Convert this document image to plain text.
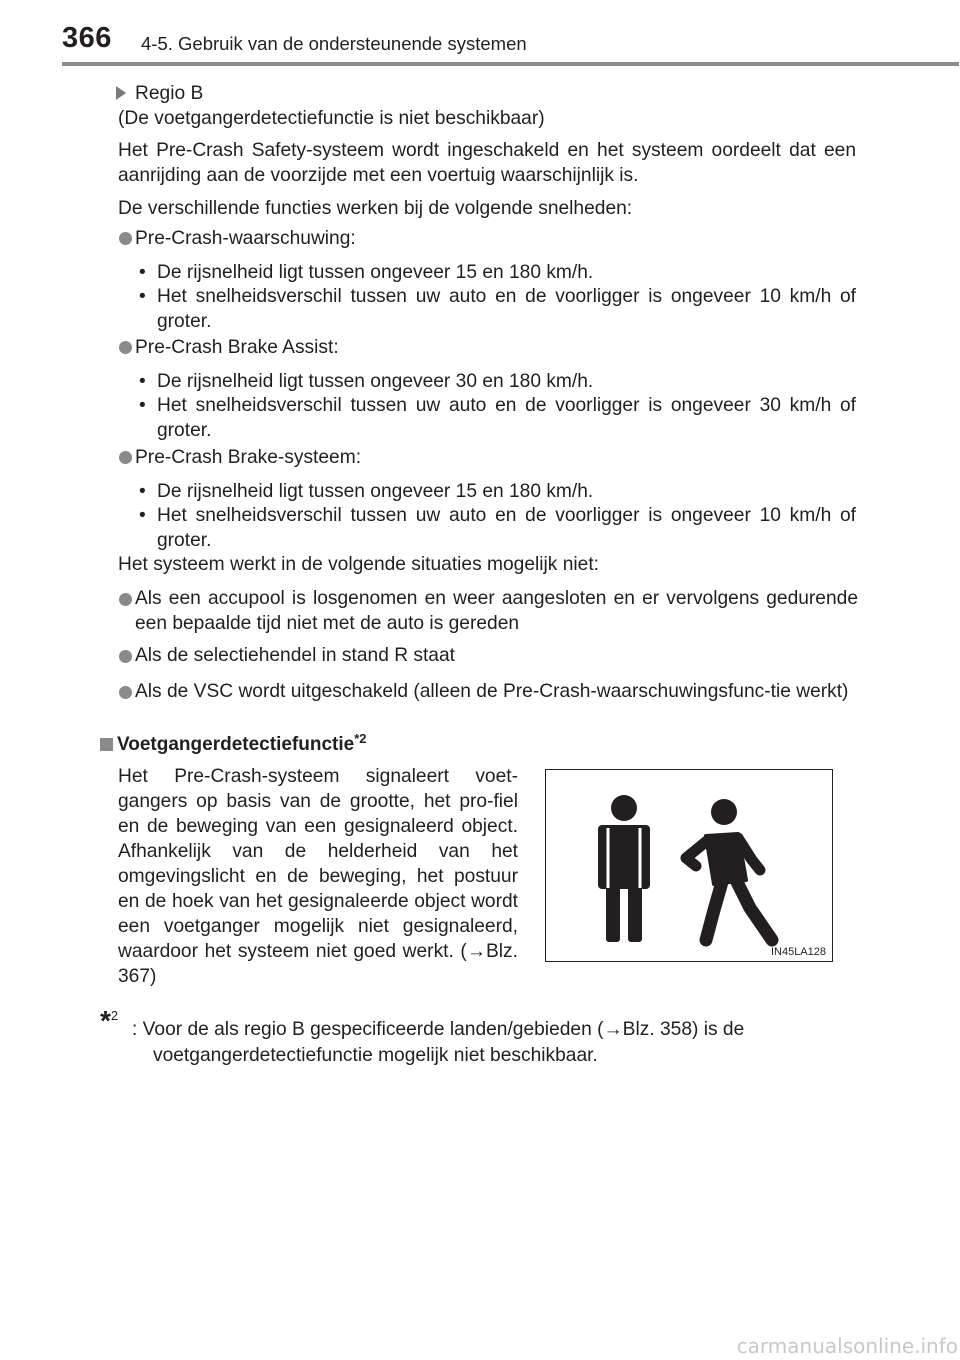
366 4-5. Gebruik van de ondersteunende systemen
Regio B
(De voetgangerdetectiefunctie is niet beschikbaar)
Het Pre-Crash Safety-systeem wordt ingeschakeld en het systeem oordeelt dat een aanrijding aan de voorzijde met een voertuig waarschijnlijk is.
De verschillende functies werken bij de volgende snelheden:
Pre-Crash-waarschuwing:
• De rijsnelheid ligt tussen ongeveer 15 en 180 km/h.
• Het snelheidsverschil tussen uw auto en de voorligger is ongeveer 10 km/h of groter.
Pre-Crash Brake Assist:
• De rijsnelheid ligt tussen ongeveer 30 en 180 km/h.
• Het snelheidsverschil tussen uw auto en de voorligger is ongeveer 30 km/h of groter.
Pre-Crash Brake-systeem:
• De rijsnelheid ligt tussen ongeveer 15 en 180 km/h.
• Het snelheidsverschil tussen uw auto en de voorligger is ongeveer 10 km/h of groter.
Het systeem werkt in de volgende situaties mogelijk niet:
Als een accupool is losgenomen en weer aangesloten en er vervolgens gedurende een bepaalde tijd niet met de auto is gereden
Als de selectiehendel in stand R staat
Als de VSC wordt uitgeschakeld (alleen de Pre-Crash-waarschuwingsfunc-tie werkt)
Voetgangerdetectiefunctie$^{*2}$
Het Pre-Crash-systeem signaleert voet-gangers op basis van de grootte, het pro-fiel en de beweging van een gesignaleerd object. Afhankelijk van de helderheid van het omgevingslicht en de beweging, het postuur en de hoek van het gesignaleerde object wordt een voetganger mogelijk niet gesignaleerd, waardoor het systeem niet goed werkt. (→Blz. 367)
IN45LA128
*$^2$
: Voor de als regio B gespecificeerde landen/gebieden (→Blz. 358) is de
voetgangerdetectiefunctie mogelijk niet beschikbaar.
carmanualsonline.info
